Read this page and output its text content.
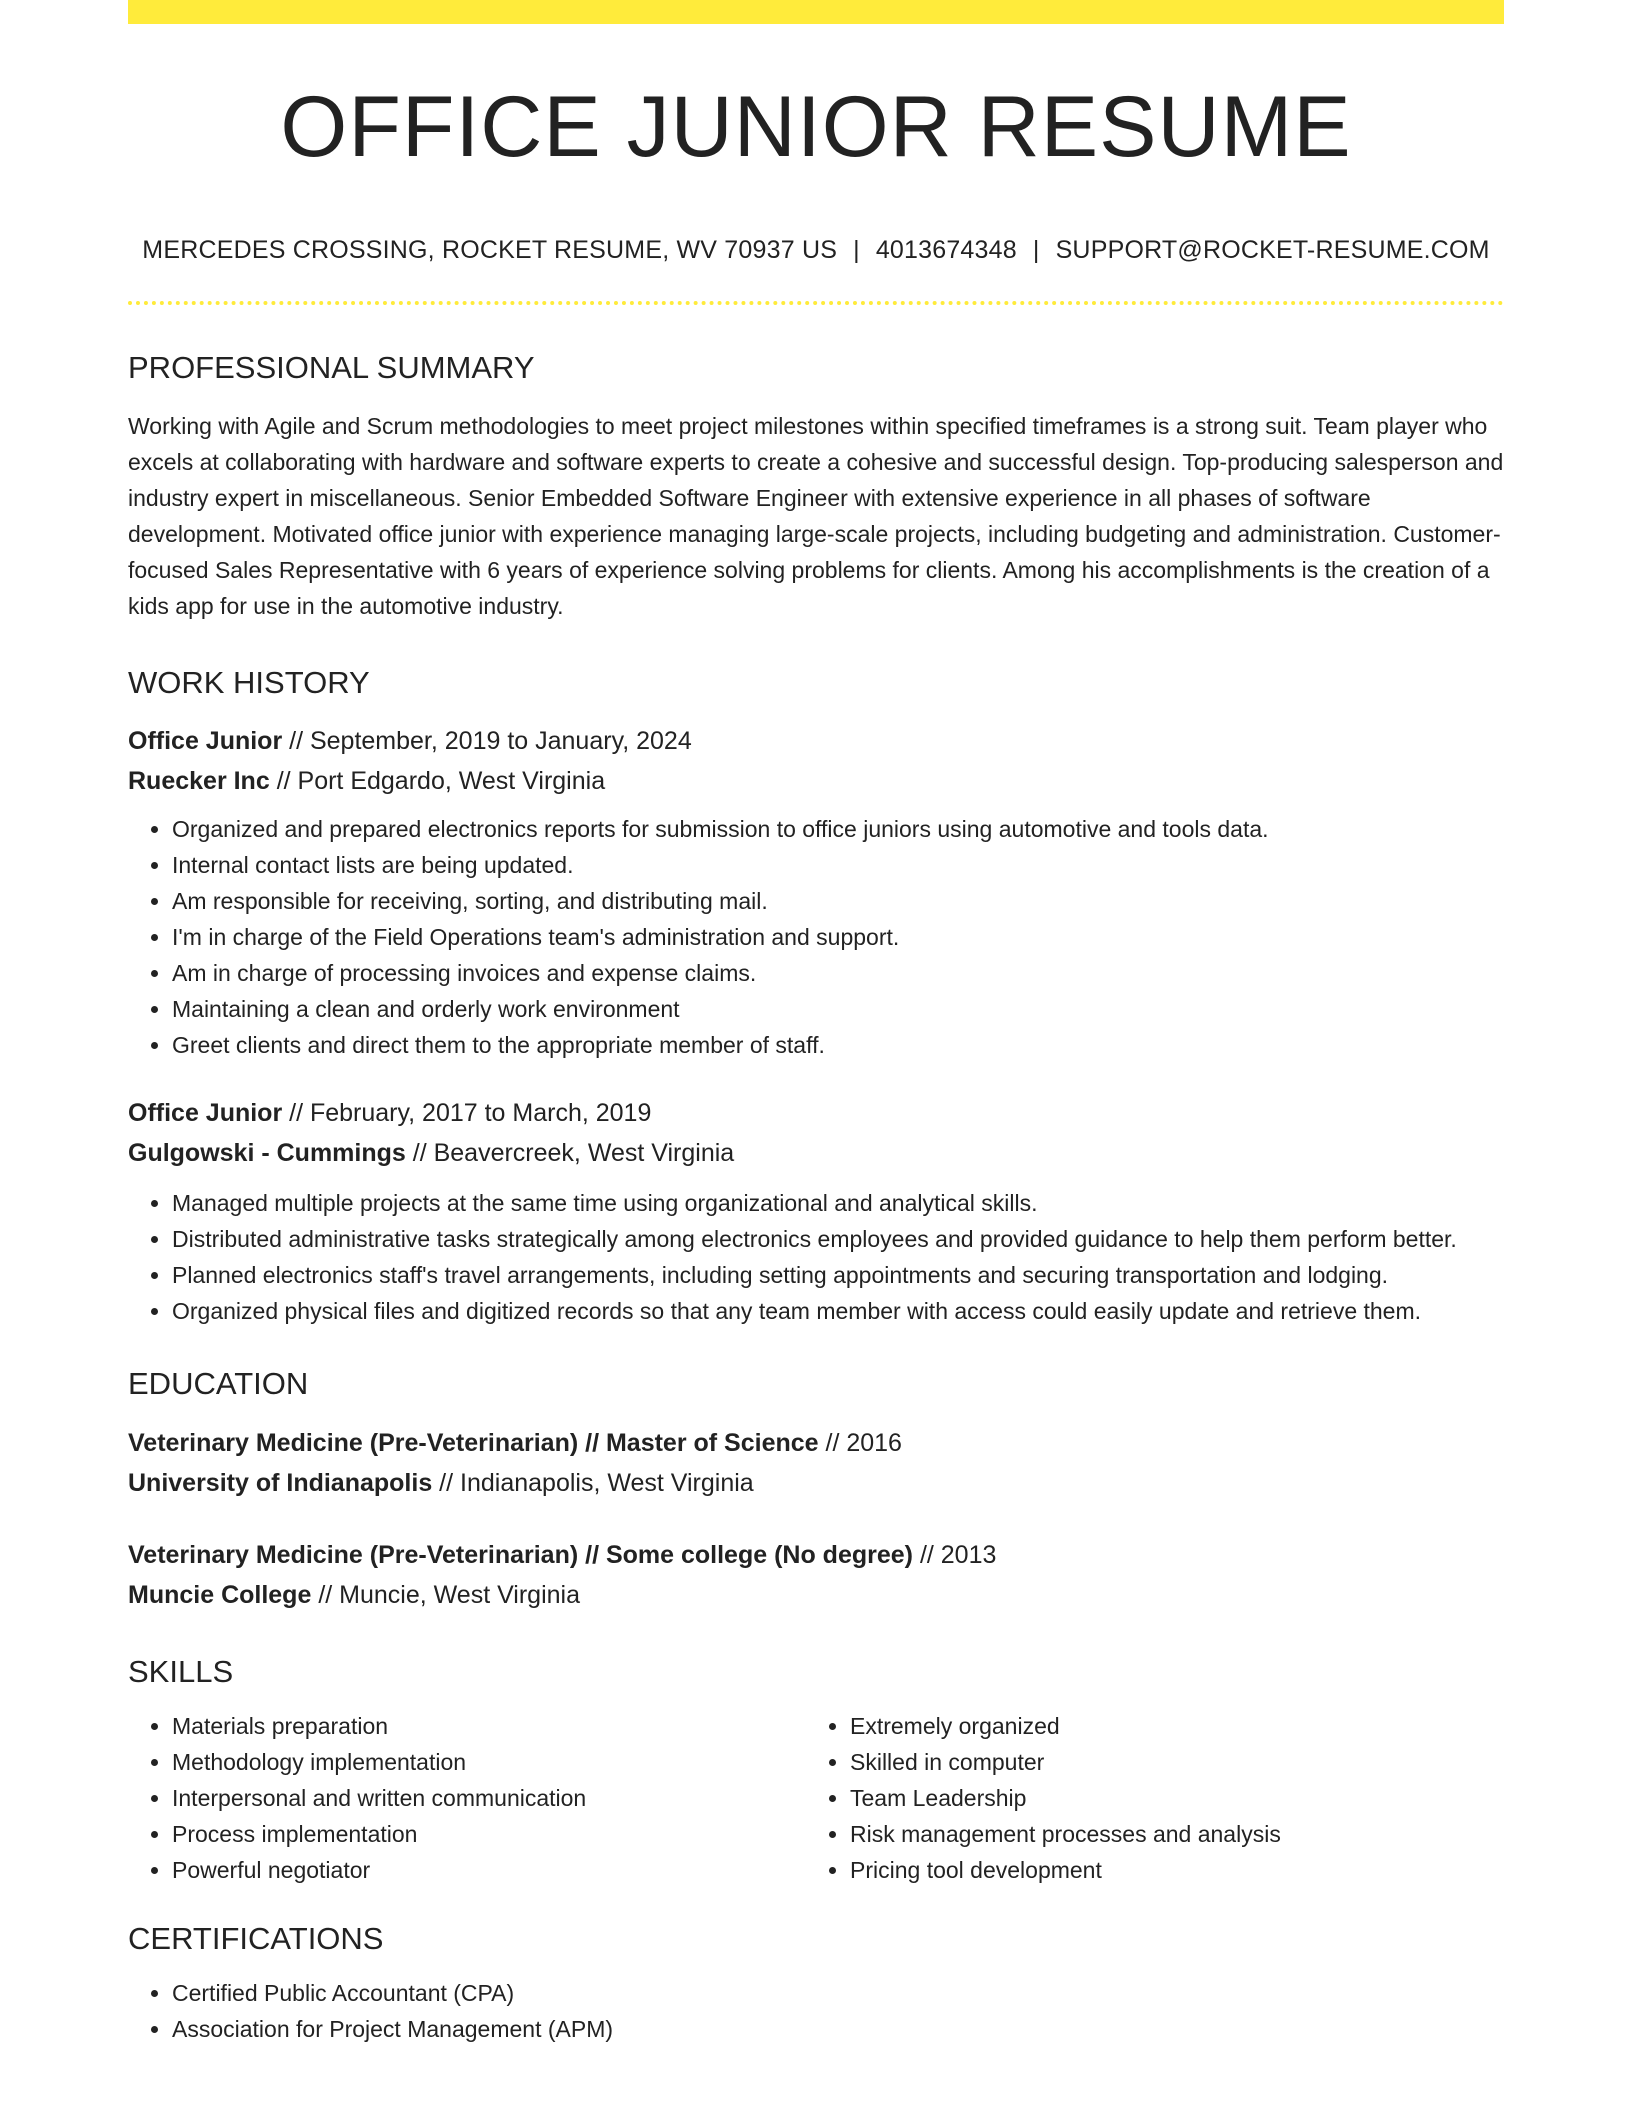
OFFICE JUNIOR RESUME
MERCEDES CROSSING, ROCKET RESUME, WV 70937 US | 4013674348 | SUPPORT@ROCKET-RESUME.COM
PROFESSIONAL SUMMARY

Working with Agile and Scrum methodologies to meet project milestones within specified timeframes is a strong suit. Team player who excels at collaborating with hardware and software experts to create a cohesive and successful design. Top-producing salesperson and industry expert in miscellaneous. Senior Embedded Software Engineer with extensive experience in all phases of software development. Motivated office junior with experience managing large-scale projects, including budgeting and administration. Customer-focused Sales Representative with 6 years of experience solving problems for clients. Among his accomplishments is the creation of a kids app for use in the automotive industry.

WORK HISTORY
Office Junior // September, 2019 to January, 2024
Ruecker Inc // Port Edgardo, West Virginia
• Organized and prepared electronics reports for submission to office juniors using automotive and tools data.
• Internal contact lists are being updated.
• Am responsible for receiving, sorting, and distributing mail.
• I'm in charge of the Field Operations team's administration and support.
• Am in charge of processing invoices and expense claims.
• Maintaining a clean and orderly work environment
• Greet clients and direct them to the appropriate member of staff.
Office Junior // February, 2017 to March, 2019
Gulgowski - Cummings // Beavercreek, West Virginia
• Managed multiple projects at the same time using organizational and analytical skills.
• Distributed administrative tasks strategically among electronics employees and provided guidance to help them perform better.
• Planned electronics staff's travel arrangements, including setting appointments and securing transportation and lodging.
• Organized physical files and digitized records so that any team member with access could easily update and retrieve them.
EDUCATION
Veterinary Medicine (Pre-Veterinarian) // Master of Science // 2016
University of Indianapolis // Indianapolis, West Virginia
Veterinary Medicine (Pre-Veterinarian) // Some college (No degree) // 2013
Muncie College // Muncie, West Virginia
SKILLS
• Materials preparation
• Methodology implementation
• Interpersonal and written communication
• Process implementation
• Powerful negotiator
• Extremely organized
• Skilled in computer
• Team Leadership
• Risk management processes and analysis
• Pricing tool development
CERTIFICATIONS
• Certified Public Accountant (CPA)
• Association for Project Management (APM)
